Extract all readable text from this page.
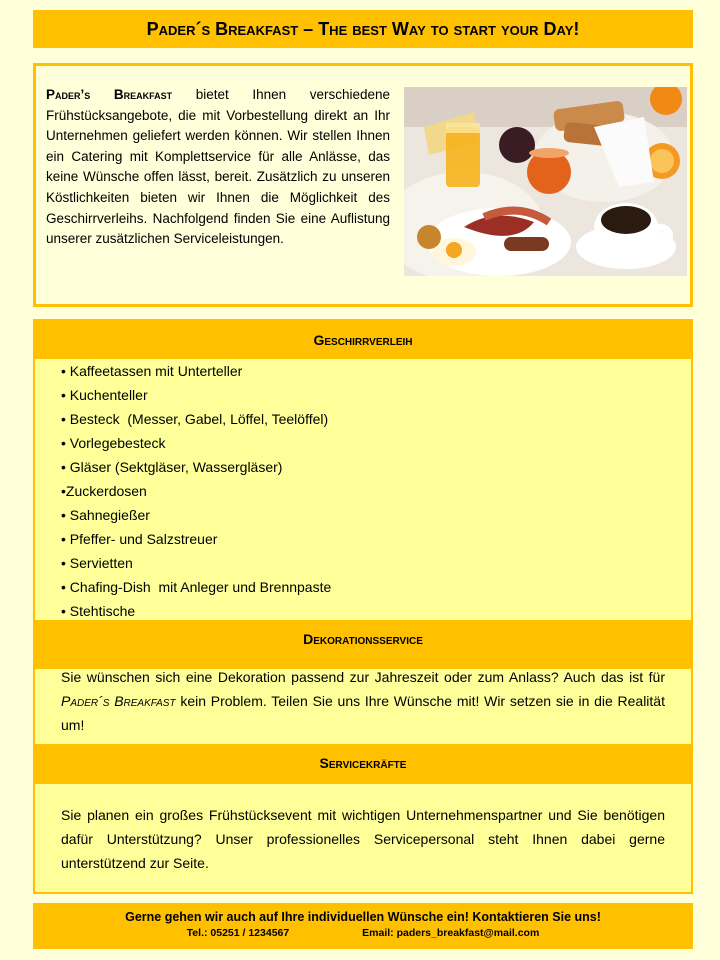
Pader´s Breakfast – The best Way to start your Day!

Pader’s Breakfast bietet Ihnen verschiedene Frühstücksangebote, die mit Vorbestellung direkt an Ihr Unternehmen geliefert werden können. Wir stellen Ihnen ein Catering mit Komplettservice für alle Anlässe, das keine Wünsche offen lässt, bereit. Zusätzlich zu unseren Köstlichkeiten bieten wir Ihnen die Möglichkeit des Geschirrverleihs. Nachfolgend finden Sie eine Auflistung unserer zusätzlichen Serviceleistungen.

Geschirrverleih
• Kaffeetassen mit Unterteller
• Kuchenteller
• Besteck  (Messer, Gabel, Löffel, Teelöffel)
• Vorlegebesteck
• Gläser (Sektgläser, Wassergläser)
•Zuckerdosen
• Sahnegießer
• Pfeffer- und Salzstreuer
• Servietten
• Chafing-Dish  mit Anleger und Brennpaste
• Stehtische
Dekorationsservice

Sie wünschen sich eine Dekoration passend zur Jahreszeit oder zum Anlass? Auch das ist für Pader´s Breakfast kein Problem. Teilen Sie uns Ihre Wünsche mit! Wir setzen sie in die Realität um!

Servicekräfte

Sie planen ein großes Frühstücksevent mit wichtigen Unternehmenspartner und Sie benötigen dafür Unterstützung? Unser professionelles Servicepersonal steht Ihnen dabei gerne unterstützend zur Seite.

Gerne gehen wir auch auf Ihre individuellen Wünsche ein! Kontaktieren Sie uns!
Tel.: 05251 / 1234567	Email: paders_breakfast@mail.com
